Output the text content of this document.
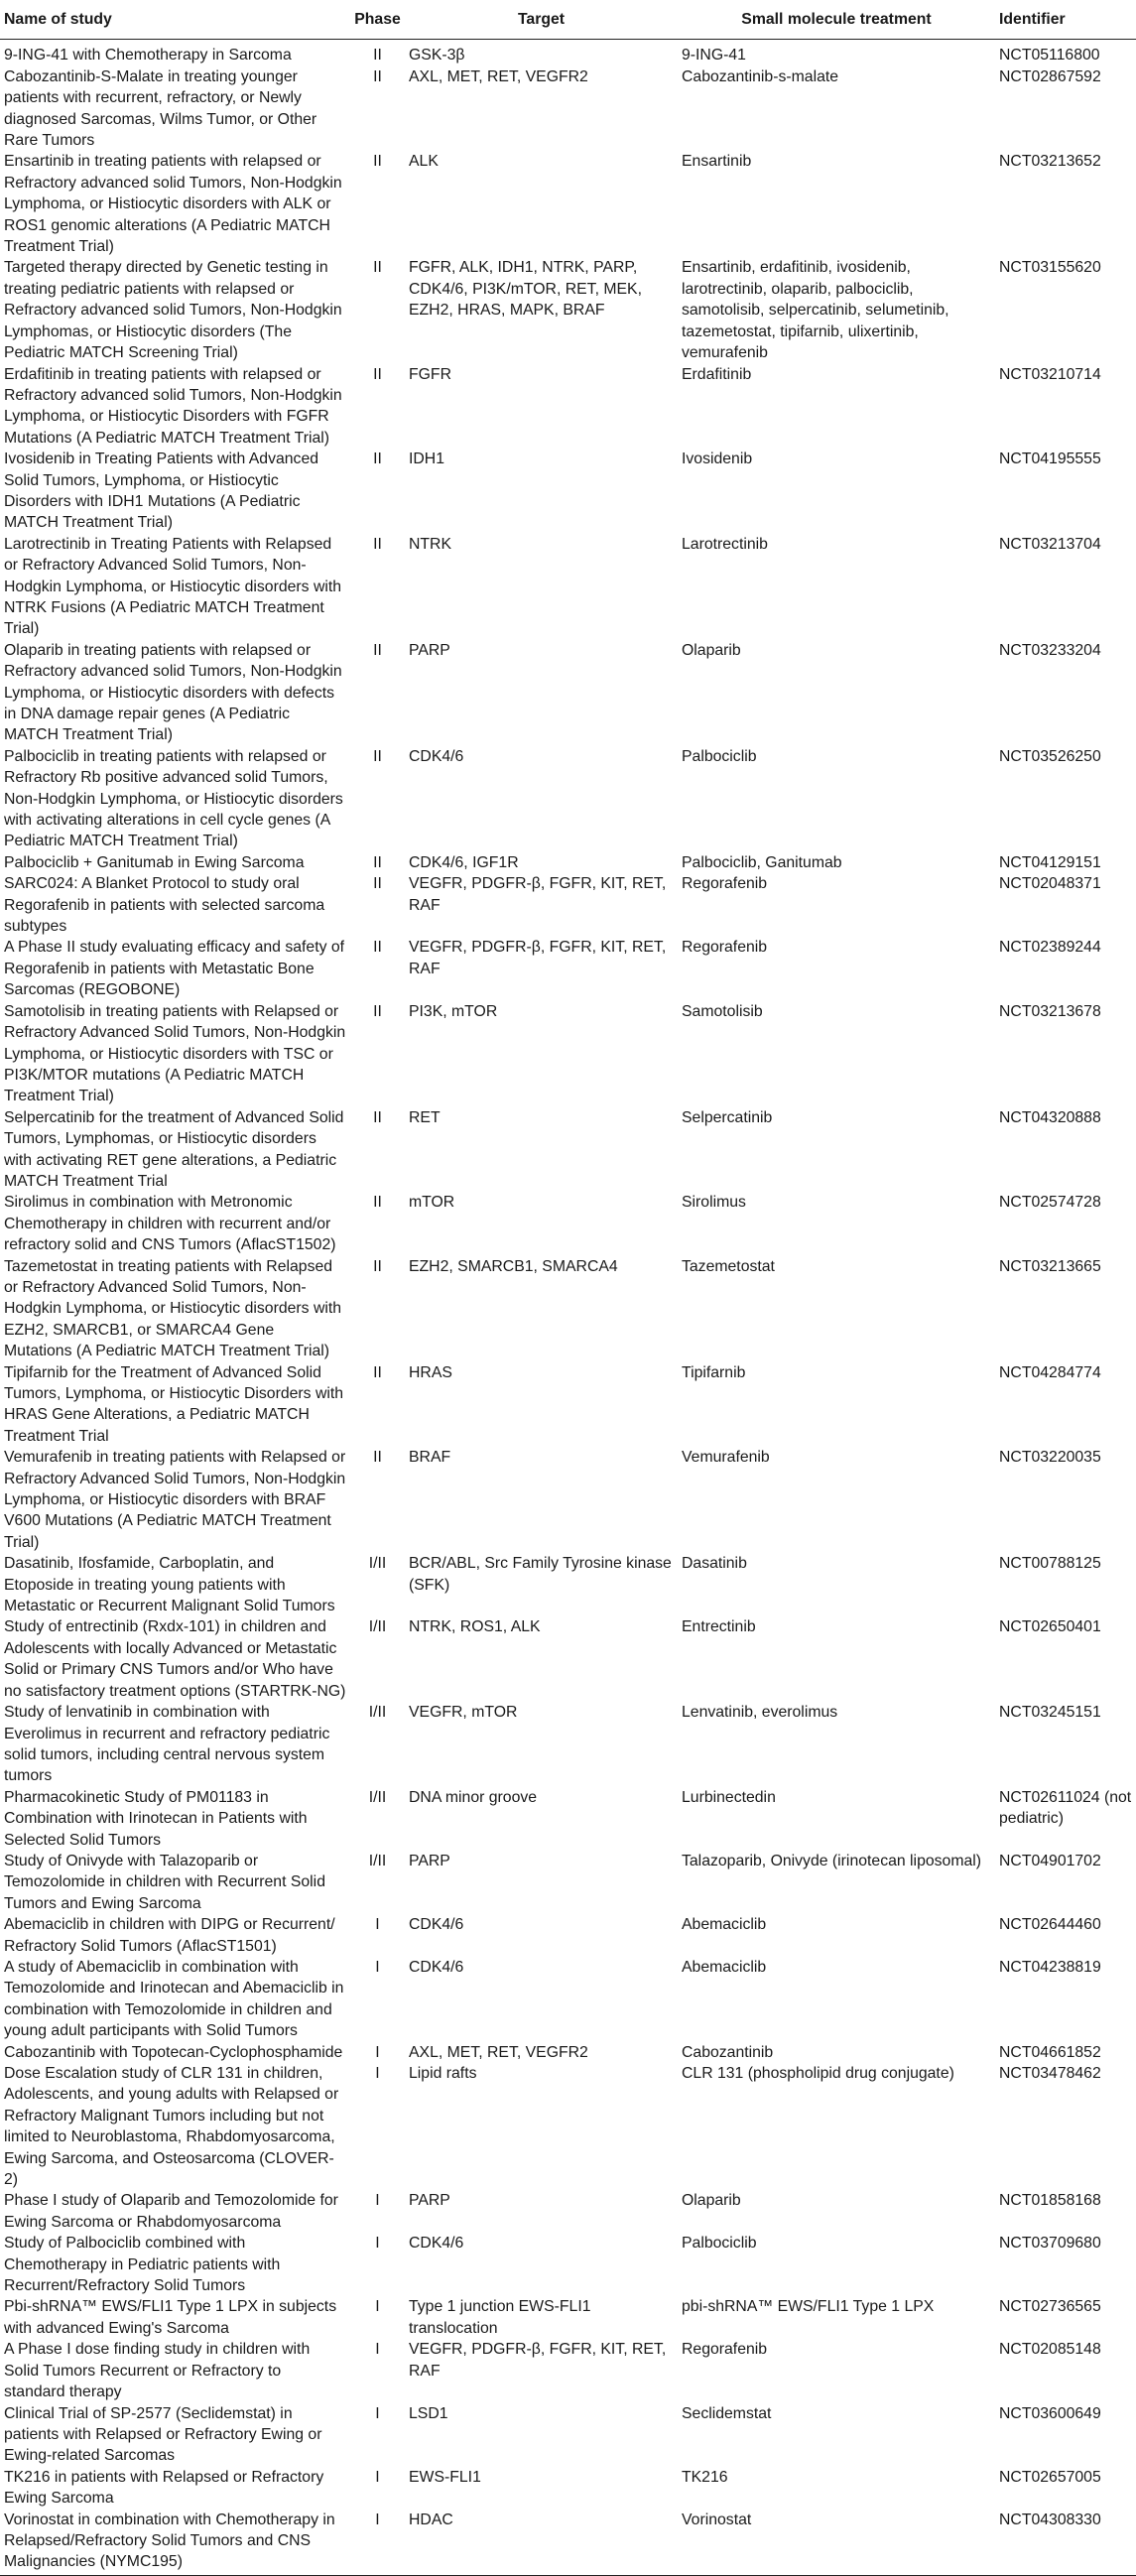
Name of study	Phase	Target	Small molecule treatment	Identifier
9-ING-41 with Chemotherapy in Sarcoma	II	GSK-3β	9-ING-41	NCT05116800
Cabozantinib-S-Malate in treating younger patients with recurrent, refractory, or Newly diagnosed Sarcomas, Wilms Tumor, or Other Rare Tumors	II	AXL, MET, RET, VEGFR2	Cabozantinib-s-malate	NCT02867592
Ensartinib in treating patients with relapsed or Refractory advanced solid Tumors, Non-Hodgkin Lymphoma, or Histiocytic disorders with ALK or ROS1 genomic alterations (A Pediatric MATCH Treatment Trial)	II	ALK	Ensartinib	NCT03213652
Targeted therapy directed by Genetic testing in treating pediatric patients with relapsed or Refractory advanced solid Tumors, Non-Hodgkin Lymphomas, or Histiocytic disorders (The Pediatric MATCH Screening Trial)	II	FGFR, ALK, IDH1, NTRK, PARP, CDK4/6, PI3K/mTOR, RET, MEK, EZH2, HRAS, MAPK, BRAF	Ensartinib, erdafitinib, ivosidenib, larotrectinib, olaparib, palbociclib, samotolisib, selpercatinib, selumetinib, tazemetostat, tipifarnib, ulixertinib, vemurafenib	NCT03155620
Erdafitinib in treating patients with relapsed or Refractory advanced solid Tumors, Non-Hodgkin Lymphoma, or Histiocytic Disorders with FGFR Mutations (A Pediatric MATCH Treatment Trial)	II	FGFR	Erdafitinib	NCT03210714
Ivosidenib in Treating Patients with Advanced Solid Tumors, Lymphoma, or Histiocytic Disorders with IDH1 Mutations (A Pediatric MATCH Treatment Trial)	II	IDH1	Ivosidenib	NCT04195555
Larotrectinib in Treating Patients with Relapsed or Refractory Advanced Solid Tumors, Non-Hodgkin Lymphoma, or Histiocytic disorders with NTRK Fusions (A Pediatric MATCH Treatment Trial)	II	NTRK	Larotrectinib	NCT03213704
Olaparib in treating patients with relapsed or Refractory advanced solid Tumors, Non-Hodgkin Lymphoma, or Histiocytic disorders with defects in DNA damage repair genes (A Pediatric MATCH Treatment Trial)	II	PARP	Olaparib	NCT03233204
Palbociclib in treating patients with relapsed or Refractory Rb positive advanced solid Tumors, Non-Hodgkin Lymphoma, or Histiocytic disorders with activating alterations in cell cycle genes (A Pediatric MATCH Treatment Trial)	II	CDK4/6	Palbociclib	NCT03526250
Palbociclib + Ganitumab in Ewing Sarcoma	II	CDK4/6, IGF1R	Palbociclib, Ganitumab	NCT04129151
SARC024: A Blanket Protocol to study oral Regorafenib in patients with selected sarcoma subtypes	II	VEGFR, PDGFR-β, FGFR, KIT, RET, RAF	Regorafenib	NCT02048371
A Phase II study evaluating efficacy and safety of Regorafenib in patients with Metastatic Bone Sarcomas (REGOBONE)	II	VEGFR, PDGFR-β, FGFR, KIT, RET, RAF	Regorafenib	NCT02389244
Samotolisib in treating patients with Relapsed or Refractory Advanced Solid Tumors, Non-Hodgkin Lymphoma, or Histiocytic disorders with TSC or PI3K/MTOR mutations (A Pediatric MATCH Treatment Trial)	II	PI3K, mTOR	Samotolisib	NCT03213678
Selpercatinib for the treatment of Advanced Solid Tumors, Lymphomas, or Histiocytic disorders with activating RET gene alterations, a Pediatric MATCH Treatment Trial	II	RET	Selpercatinib	NCT04320888
Sirolimus in combination with Metronomic Chemotherapy in children with recurrent and/or refractory solid and CNS Tumors (AflacST1502)	II	mTOR	Sirolimus	NCT02574728
Tazemetostat in treating patients with Relapsed or Refractory Advanced Solid Tumors, Non-Hodgkin Lymphoma, or Histiocytic disorders with EZH2, SMARCB1, or SMARCA4 Gene Mutations (A Pediatric MATCH Treatment Trial)	II	EZH2, SMARCB1, SMARCA4	Tazemetostat	NCT03213665
Tipifarnib for the Treatment of Advanced Solid Tumors, Lymphoma, or Histiocytic Disorders with HRAS Gene Alterations, a Pediatric MATCH Treatment Trial	II	HRAS	Tipifarnib	NCT04284774
Vemurafenib in treating patients with Relapsed or Refractory Advanced Solid Tumors, Non-Hodgkin Lymphoma, or Histiocytic disorders with BRAF V600 Mutations (A Pediatric MATCH Treatment Trial)	II	BRAF	Vemurafenib	NCT03220035
Dasatinib, Ifosfamide, Carboplatin, and Etoposide in treating young patients with Metastatic or Recurrent Malignant Solid Tumors	I/II	BCR/ABL, Src Family Tyrosine kinase (SFK)	Dasatinib	NCT00788125
Study of entrectinib (Rxdx-101) in children and Adolescents with locally Advanced or Metastatic Solid or Primary CNS Tumors and/or Who have no satisfactory treatment options (STARTRK-NG)	I/II	NTRK, ROS1, ALK	Entrectinib	NCT02650401
Study of lenvatinib in combination with Everolimus in recurrent and refractory pediatric solid tumors, including central nervous system tumors	I/II	VEGFR, mTOR	Lenvatinib, everolimus	NCT03245151
Pharmacokinetic Study of PM01183 in Combination with Irinotecan in Patients with Selected Solid Tumors	I/II	DNA minor groove	Lurbinectedin	NCT02611024 (not pediatric)
Study of Onivyde with Talazoparib or Temozolomide in children with Recurrent Solid Tumors and Ewing Sarcoma	I/II	PARP	Talazoparib, Onivyde (irinotecan liposomal)	NCT04901702
Abemaciclib in children with DIPG or Recurrent/ Refractory Solid Tumors (AflacST1501)	I	CDK4/6	Abemaciclib	NCT02644460
A study of Abemaciclib in combination with Temozolomide and Irinotecan and Abemaciclib in combination with Temozolomide in children and young adult participants with Solid Tumors	I	CDK4/6	Abemaciclib	NCT04238819
Cabozantinib with Topotecan-Cyclophosphamide	I	AXL, MET, RET, VEGFR2	Cabozantinib	NCT04661852
Dose Escalation study of CLR 131 in children, Adolescents, and young adults with Relapsed or Refractory Malignant Tumors including but not limited to Neuroblastoma, Rhabdomyosarcoma, Ewing Sarcoma, and Osteosarcoma (CLOVER-2)	I	Lipid rafts	CLR 131 (phospholipid drug conjugate)	NCT03478462
Phase I study of Olaparib and Temozolomide for Ewing Sarcoma or Rhabdomyosarcoma	I	PARP	Olaparib	NCT01858168
Study of Palbociclib combined with Chemotherapy in Pediatric patients with Recurrent/Refractory Solid Tumors	I	CDK4/6	Palbociclib	NCT03709680
Pbi-shRNA™ EWS/FLI1 Type 1 LPX in subjects with advanced Ewing's Sarcoma	I	Type 1 junction EWS-FLI1 translocation	pbi-shRNA™ EWS/FLI1 Type 1 LPX	NCT02736565
A Phase I dose finding study in children with Solid Tumors Recurrent or Refractory to standard therapy	I	VEGFR, PDGFR-β, FGFR, KIT, RET, RAF	Regorafenib	NCT02085148
Clinical Trial of SP-2577 (Seclidemstat) in patients with Relapsed or Refractory Ewing or Ewing-related Sarcomas	I	LSD1	Seclidemstat	NCT03600649
TK216 in patients with Relapsed or Refractory Ewing Sarcoma	I	EWS-FLI1	TK216	NCT02657005
Vorinostat in combination with Chemotherapy in Relapsed/Refractory Solid Tumors and CNS Malignancies (NYMC195)	I	HDAC	Vorinostat	NCT04308330
